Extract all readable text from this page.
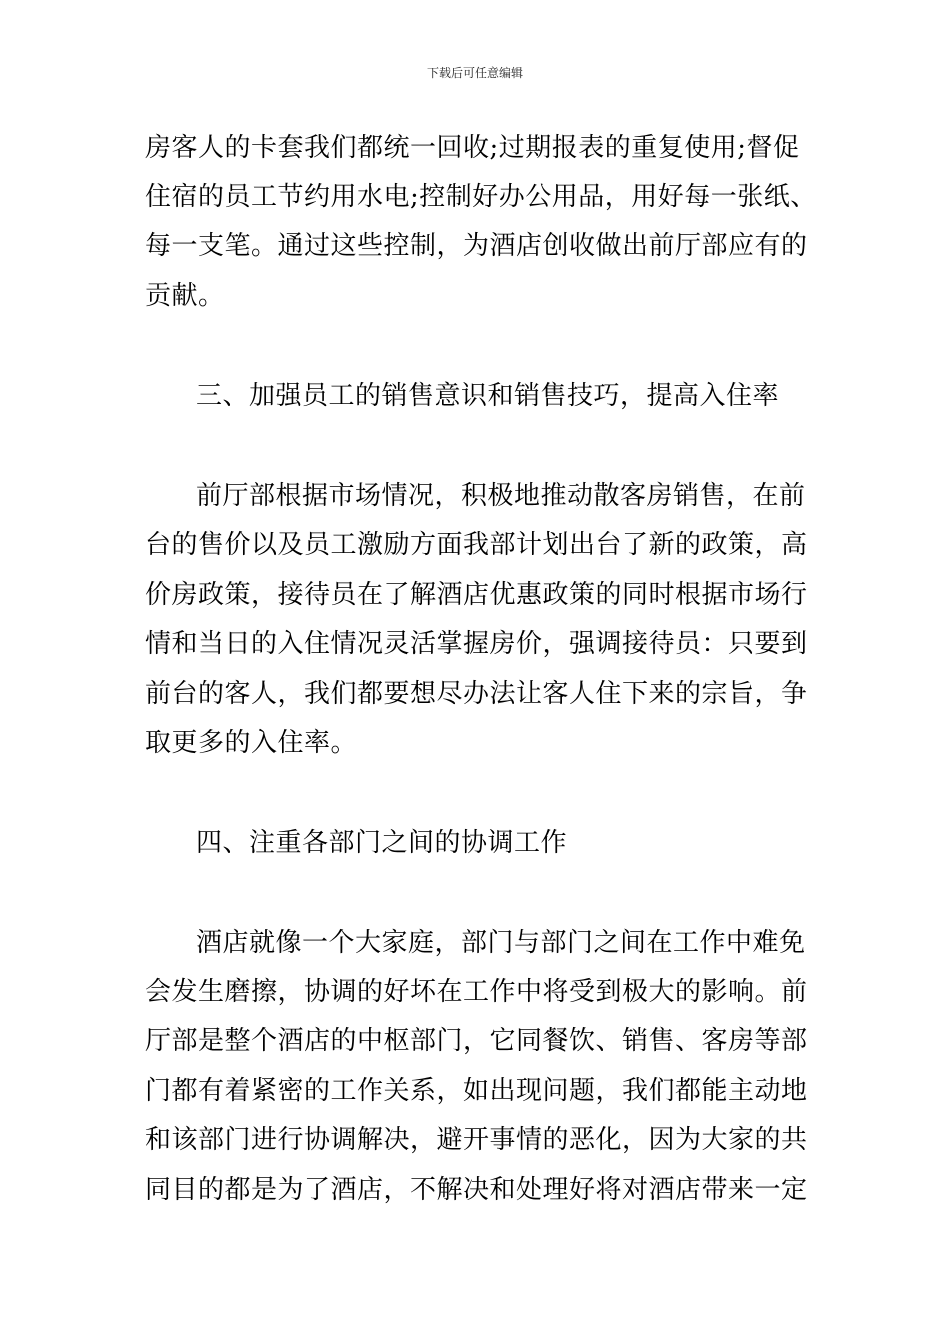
下载后可任意编辑
房客人的卡套我们都统一回收;过期报表的重复使用;督促
住宿的员工节约用水电;控制好办公用品，用好每一张纸、
每一支笔。通过这些控制，为酒店创收做出前厅部应有的
贡献。
三、加强员工的销售意识和销售技巧，提高入住率
前厅部根据市场情况，积极地推动散客房销售，在前
台的售价以及员工激励方面我部计划出台了新的政策，高
价房政策，接待员在了解酒店优惠政策的同时根据市场行
情和当日的入住情况灵活掌握房价，强调接待员：只要到
前台的客人，我们都要想尽办法让客人住下来的宗旨，争
取更多的入住率。
四、注重各部门之间的协调工作
酒店就像一个大家庭，部门与部门之间在工作中难免
会发生磨擦，协调的好坏在工作中将受到极大的影响。前
厅部是整个酒店的中枢部门，它同餐饮、销售、客房等部
门都有着紧密的工作关系，如出现问题，我们都能主动地
和该部门进行协调解决，避开事情的恶化，因为大家的共
同目的都是为了酒店，不解决和处理好将对酒店带来一定
